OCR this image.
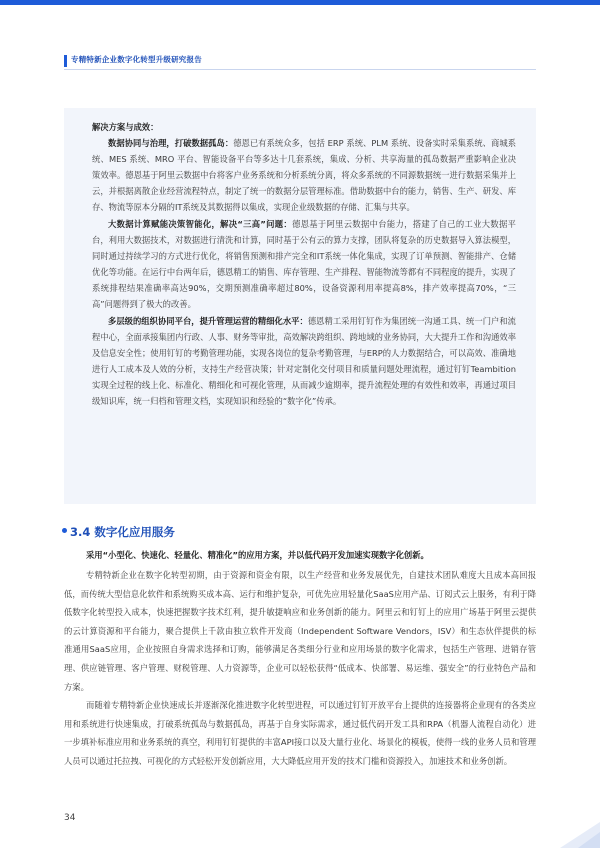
专精特新企业数字化转型升级研究报告

解决方案与成效：

数据协同与治理，打破数据孤岛：德恩已有系统众多，包括 ERP 系统、PLM 系统、设备实时采集系统、商城系统、MES 系统、MRO 平台、智能设备平台等多达十几套系统，集成、分析、共享海量的孤岛数据严重影响企业决策效率。德恩基于阿里云数据中台将客户业务系统和分析系统分离，将众多系统的不同源数据统一进行数据采集并上云，并根据离散企业经营流程特点，制定了统一的数据分层管理标准。借助数据中台的能力，销售、生产、研发、库存、物流等原本分隔的IT系统及其数据得以集成，实现企业级数据的存储、汇集与共享。

大数据计算赋能决策智能化，解决“三高”问题：德恩基于阿里云数据中台能力，搭建了自己的工业大数据平台，利用大数据技术，对数据进行清洗和计算，同时基于公有云的算力支撑，团队将复杂的历史数据导入算法模型，同时通过持续学习的方式进行优化，将销售预测和排产完全和IT系统一体化集成，实现了订单预测、智能排产、仓储优化等功能。在运行中台两年后，德恩精工的销售、库存管理、生产排程、智能物流等都有不同程度的提升，实现了系统排程结果准确率高达90%，交期预测准确率超过80%，设备资源利用率提高8%，排产效率提高70%，“三高”问题得到了极大的改善。

多层级的组织协同平台，提升管理运营的精细化水平：德恩精工采用钉钉作为集团统一沟通工具、统一门户和流程中心，全面承接集团内行政、人事、财务等审批，高效解决跨组织、跨地域的业务协同，大大提升工作和沟通效率及信息安全性；使用钉钉的考勤管理功能，实现各岗位的复杂考勤管理，与ERP的人力数据结合，可以高效、准确地进行人工成本及人效的分析，支持生产经营决策；针对定制化交付项目和质量问题处理流程，通过钉钉Teambition实现全过程的线上化、标准化、精细化和可视化管理，从而减少逾期率，提升流程处理的有效性和效率，再通过项目级知识库，统一归档和管理文档，实现知识和经验的“数字化”传承。

3.4 数字化应用服务
采用“小型化、快速化、轻量化、精准化”的应用方案，并以低代码开发加速实现数字化创新。

专精特新企业在数字化转型初期，由于资源和资金有限，以生产经营和业务发展优先，自建技术团队难度大且成本高回报低，而传统大型信息化软件和系统购买成本高、运行和维护复杂，可优先应用轻量化SaaS应用产品、订阅式云上服务，有利于降低数字化转型投入成本，快速把握数字技术红利，提升敏捷响应和业务创新的能力。阿里云和钉钉上的应用广场基于阿里云提供的云计算资源和平台能力，聚合提供上千款由独立软件开发商（Independent Software Vendors，ISV）和生态伙伴提供的标准通用SaaS应用，企业按照自身需求选择和订购，能够满足各类细分行业和应用场景的数字化需求，包括生产管理、进销存管理、供应链管理、客户管理、财税管理、人力资源等，企业可以轻松获得“低成本、快部署、易运维、强安全”的行业特色产品和方案。

而随着专精特新企业快速成长并逐渐深化推进数字化转型进程，可以通过钉钉开放平台上提供的连接器将企业现有的各类应用和系统进行快速集成，打破系统孤岛与数据孤岛，再基于自身实际需求，通过低代码开发工具和RPA（机器人流程自动化）进一步填补标准应用和业务系统的真空，利用钉钉提供的丰富API接口以及大量行业化、场景化的模板，使得一线的业务人员和管理人员可以通过托拉拽、可视化的方式轻松开发创新应用，大大降低应用开发的技术门槛和资源投入，加速技术和业务创新。

34
